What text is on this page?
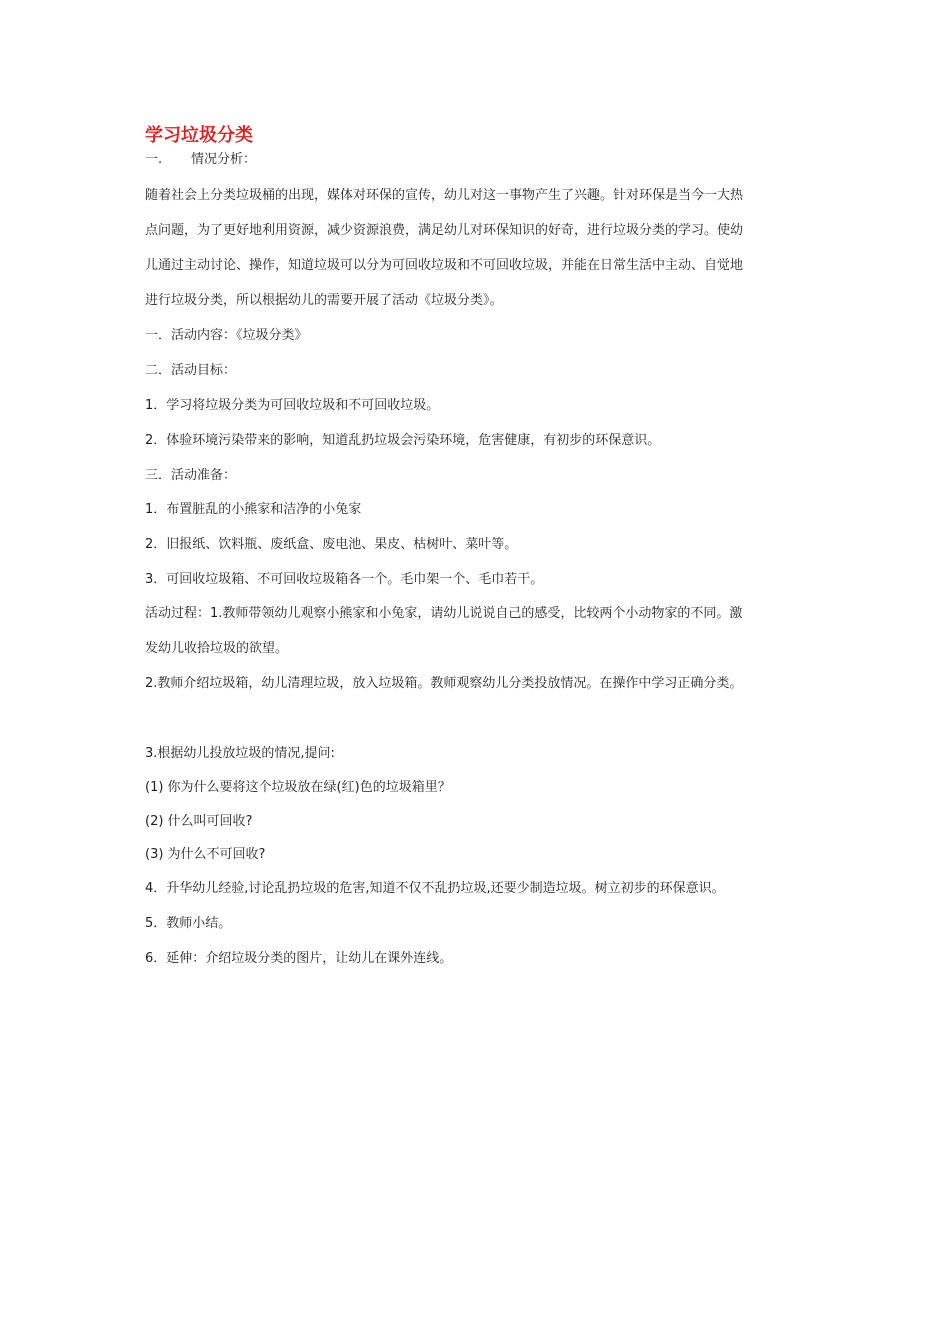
学习垃圾分类
一. 情况分析：
随着社会上分类垃圾桶的出现，媒体对环保的宣传，幼儿对这一事物产生了兴趣。针对环保是当今一大热
点问题，为了更好地利用资源，减少资源浪费，满足幼儿对环保知识的好奇，进行垃圾分类的学习。使幼
儿通过主动讨论、操作，知道垃圾可以分为可回收垃圾和不可回收垃圾，并能在日常生活中主动、自觉地
进行垃圾分类，所以根据幼儿的需要开展了活动《垃圾分类》。
一．活动内容：《垃圾分类》
二．活动目标：
1．学习将垃圾分类为可回收垃圾和不可回收垃圾。
2．体验环境污染带来的影响，知道乱扔垃圾会污染环境，危害健康，有初步的环保意识。
三．活动准备：
1．布置脏乱的小熊家和洁净的小兔家
2．旧报纸、饮料瓶、废纸盒、废电池、果皮、枯树叶、菜叶等。
3．可回收垃圾箱、不可回收垃圾箱各一个。毛巾架一个、毛巾若干。
活动过程：1.教师带领幼儿观察小熊家和小兔家，请幼儿说说自己的感受，比较两个小动物家的不同。激
发幼儿收拾垃圾的欲望。
2.教师介绍垃圾箱，幼儿清理垃圾，放入垃圾箱。教师观察幼儿分类投放情况。在操作中学习正确分类。
3.根据幼儿投放垃圾的情况,提问:
(1) 你为什么要将这个垃圾放在绿(红)色的垃圾箱里？
(2) 什么叫可回收?
(3) 为什么不可回收?
4．升华幼儿经验,讨论乱扔垃圾的危害,知道不仅不乱扔垃圾,还要少制造垃圾。树立初步的环保意识。
5．教师小结。
6．延伸：介绍垃圾分类的图片，让幼儿在课外连线。
